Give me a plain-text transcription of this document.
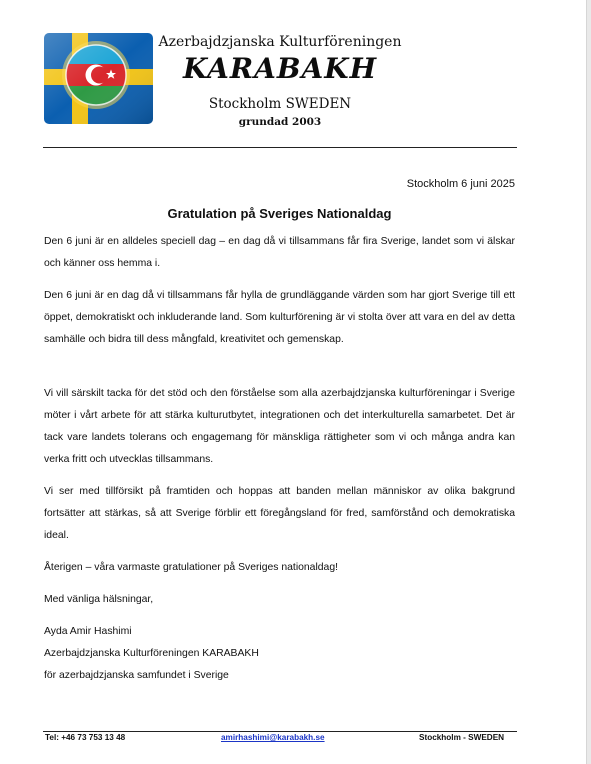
Azerbajdzjanska Kulturföreningen
KARABAKH
Stockholm SWEDEN
grundad 2003
Stockholm 6 juni 2025
Gratulation på Sveriges Nationaldag

Den 6 juni är en alldeles speciell dag – en dag då vi tillsammans får fira Sverige, landet som vi älskar och känner oss hemma i.

Den 6 juni är en dag då vi tillsammans får hylla de grundläggande värden som har gjort Sverige till ett öppet, demokratiskt och inkluderande land. Som kulturförening är vi stolta över att vara en del av detta samhälle och bidra till dess mångfald, kreativitet och gemenskap.

Vi vill särskilt tacka för det stöd och den förståelse som alla azerbajdzjanska kulturföreningar i Sverige möter i vårt arbete för att stärka kulturutbytet, integrationen och det interkulturella samarbetet. Det är tack vare landets tolerans och engagemang för mänskliga rättigheter som vi och många andra kan verka fritt och utvecklas tillsammans.

Vi ser med tillförsikt på framtiden och hoppas att banden mellan människor av olika bakgrund fortsätter att stärkas, så att Sverige förblir ett föregångsland för fred, samförstånd och demokratiska ideal.

Återigen – våra varmaste gratulationer på Sveriges nationaldag!

Med vänliga hälsningar,

Ayda Amir Hashimi

Azerbajdzjanska Kulturföreningen KARABAKH

för azerbajdzjanska samfundet i Sverige

Tel: +46 73 753 13 48	amirhashimi@karabakh.se	Stockholm - SWEDEN
